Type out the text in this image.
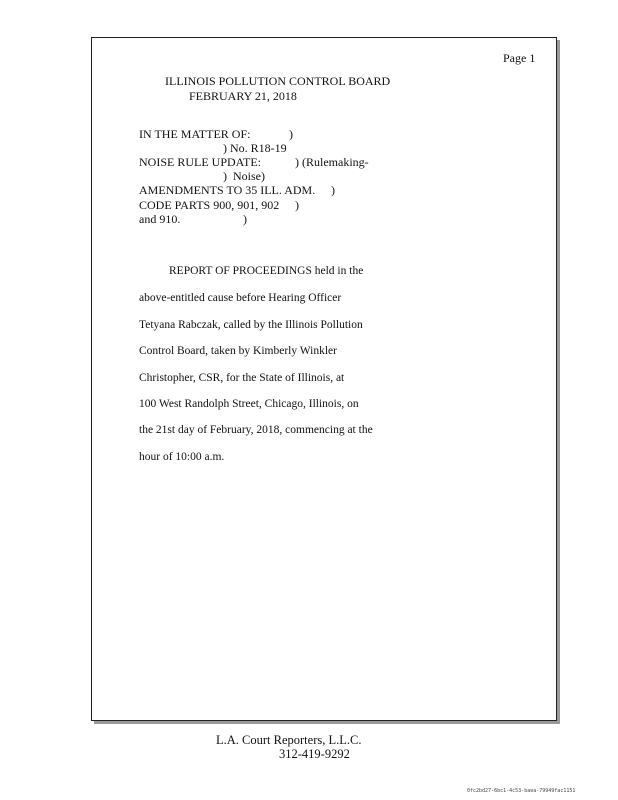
Page 1
ILLINOIS POLLUTION CONTROL BOARD
FEBRUARY 21, 2018
IN THE MATTER OF:	)
) No. R18-19
NOISE RULE UPDATE:	) (Rulemaking-
)  Noise)
AMENDMENTS TO 35 ILL. ADM. )
CODE PARTS 900, 901, 902 )
and 910.	)
REPORT OF PROCEEDINGS held in the
above-entitled cause before Hearing Officer
Tetyana Rabczak, called by the Illinois Pollution
Control Board, taken by Kimberly Winkler
Christopher, CSR, for the State of Illinois, at
100 West Randolph Street, Chicago, Illinois, on
the 21st day of February, 2018, commencing at the
hour of 10:00 a.m.
L.A. Court Reporters, L.L.C.
312-419-9292
0fc2bd27-6bc1-4c53-baea-79949fac1151
